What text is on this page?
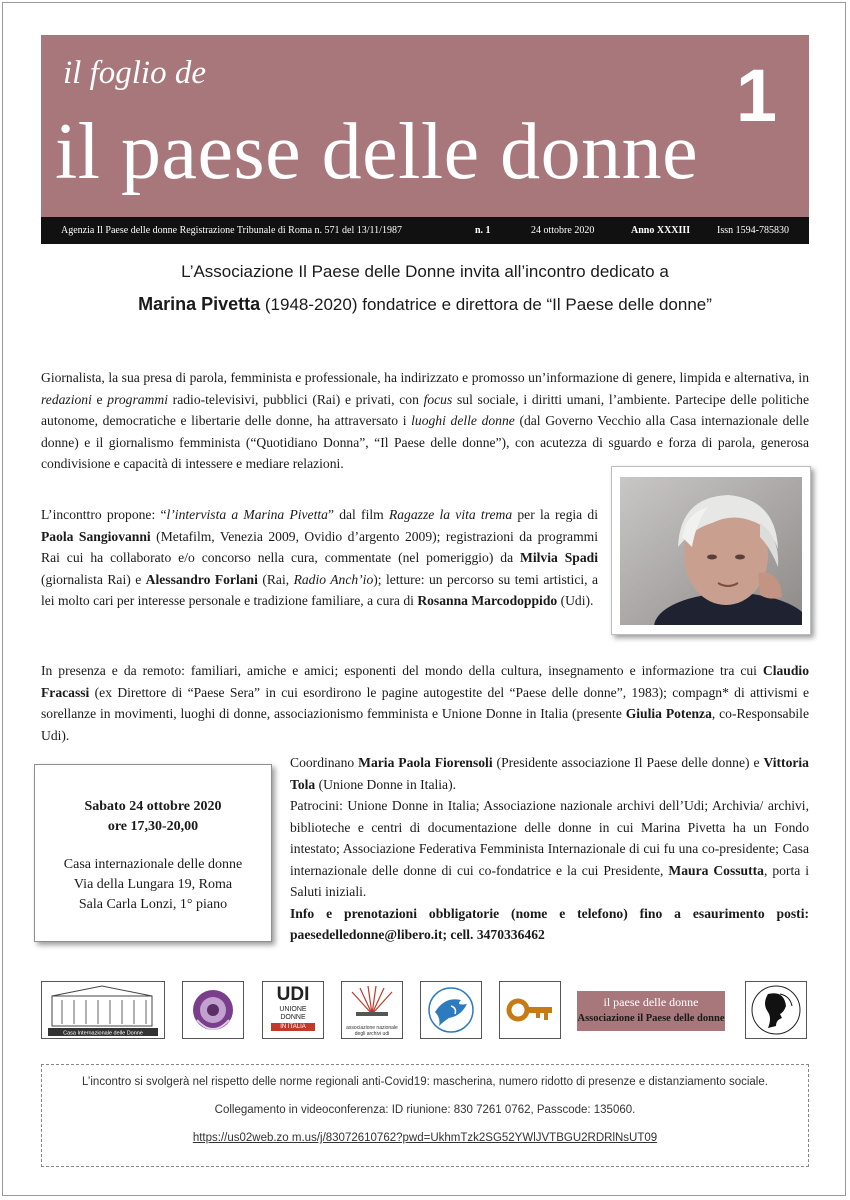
il foglio de
il paese delle donne
1
Agenzia Il Paese delle donne Registrazione Tribunale di Roma n. 571 del 13/11/1987	n. 1	24 ottobre 2020	Anno XXXIII	Issn 1594-785830
L’Associazione Il Paese delle Donne invita all’incontro dedicato a
Marina Pivetta (1948-2020) fondatrice e direttora de “Il Paese delle donne”

Giornalista, la sua presa di parola, femminista e professionale, ha indirizzato e promosso un’informazione di genere, limpida e alternativa, in redazioni e programmi radio-televisivi, pubblici (Rai) e privati, con focus sul sociale, i diritti umani, l’ambiente. Partecipe delle politiche autonome, democratiche e libertarie delle donne, ha attraversato i luoghi delle donne (dal Governo Vecchio alla Casa internazionale delle donne) e il giornalismo femminista (“Quotidiano Donna”, “Il Paese delle donne”), con acutezza di sguardo e forza di parola, generosa condivisione e capacità di intessere e mediare relazioni.

L’inconttro propone: “l’intervista a Marina Pivetta” dal film Ragazze la vita trema per la regia di Paola Sangiovanni (Metafilm, Venezia 2009, Ovidio d’argento 2009); registrazioni da programmi Rai cui ha collaborato e/o concorso nella cura, commentate (nel pomeriggio) da Milvia Spadi (giornalista Rai) e Alessandro Forlani (Rai, Radio Anch’io); letture: un percorso su temi artistici, a lei molto cari per interesse personale e tradizione familiare, a cura di Rosanna Marcodoppido (Udi).

In presenza e da remoto: familiari, amiche e amici; esponenti del mondo della cultura, insegnamento e informazione tra cui Claudio Fracassi (ex Direttore di “Paese Sera” in cui esordirono le pagine autogestite del “Paese delle donne”, 1983); compagn* di attivismi e sorellanze in movimenti, luoghi di donne, associazionismo femminista e Unione Donne in Italia (presente Giulia Potenza, co-Responsabile Udi).

Sabato 24 ottobre 2020
ore 17,30-20,00
Casa internazionale delle donne
Via della Lungara 19, Roma
Sala Carla Lonzi, 1° piano

Coordinano Maria Paola Fiorensoli (Presidente associazione Il Paese delle donne) e Vittoria Tola (Unione Donne in Italia).
Patrocini: Unione Donne in Italia; Associazione nazionale archivi dell’Udi; Archivia/ archivi, biblioteche e centri di documentazione delle donne in cui Marina Pivetta ha un Fondo intestato; Associazione Federativa Femminista Internazionale di cui fu una co-presidente; Casa internazionale delle donne di cui co-fondatrice e la cui Presidente, Maura Cossutta, porta i Saluti iniziali.
Info e prenotazioni obbligatorie (nome e telefono) fino a esaurimento posti: paesedelledonne@libero.it; cell. 3470336462

Casa Internazionale delle Donne
UDI
UNIONE
DONNE
IN ITALIA	associazione nazionale degli archivi udi
il paese delle donne
Associazione il Paese delle donne
L’incontro si svolgerà nel rispetto delle norme regionali anti-Covid19: mascherina, numero ridotto di presenze e distanziamento sociale.
Collegamento in videoconferenza: ID riunione: 830 7261 0762, Passcode: 135060.
https://us02web.zo m.us/j/83072610762?pwd=UkhmTzk2SG52YWlJVTBGU2RDRlNsUT09
